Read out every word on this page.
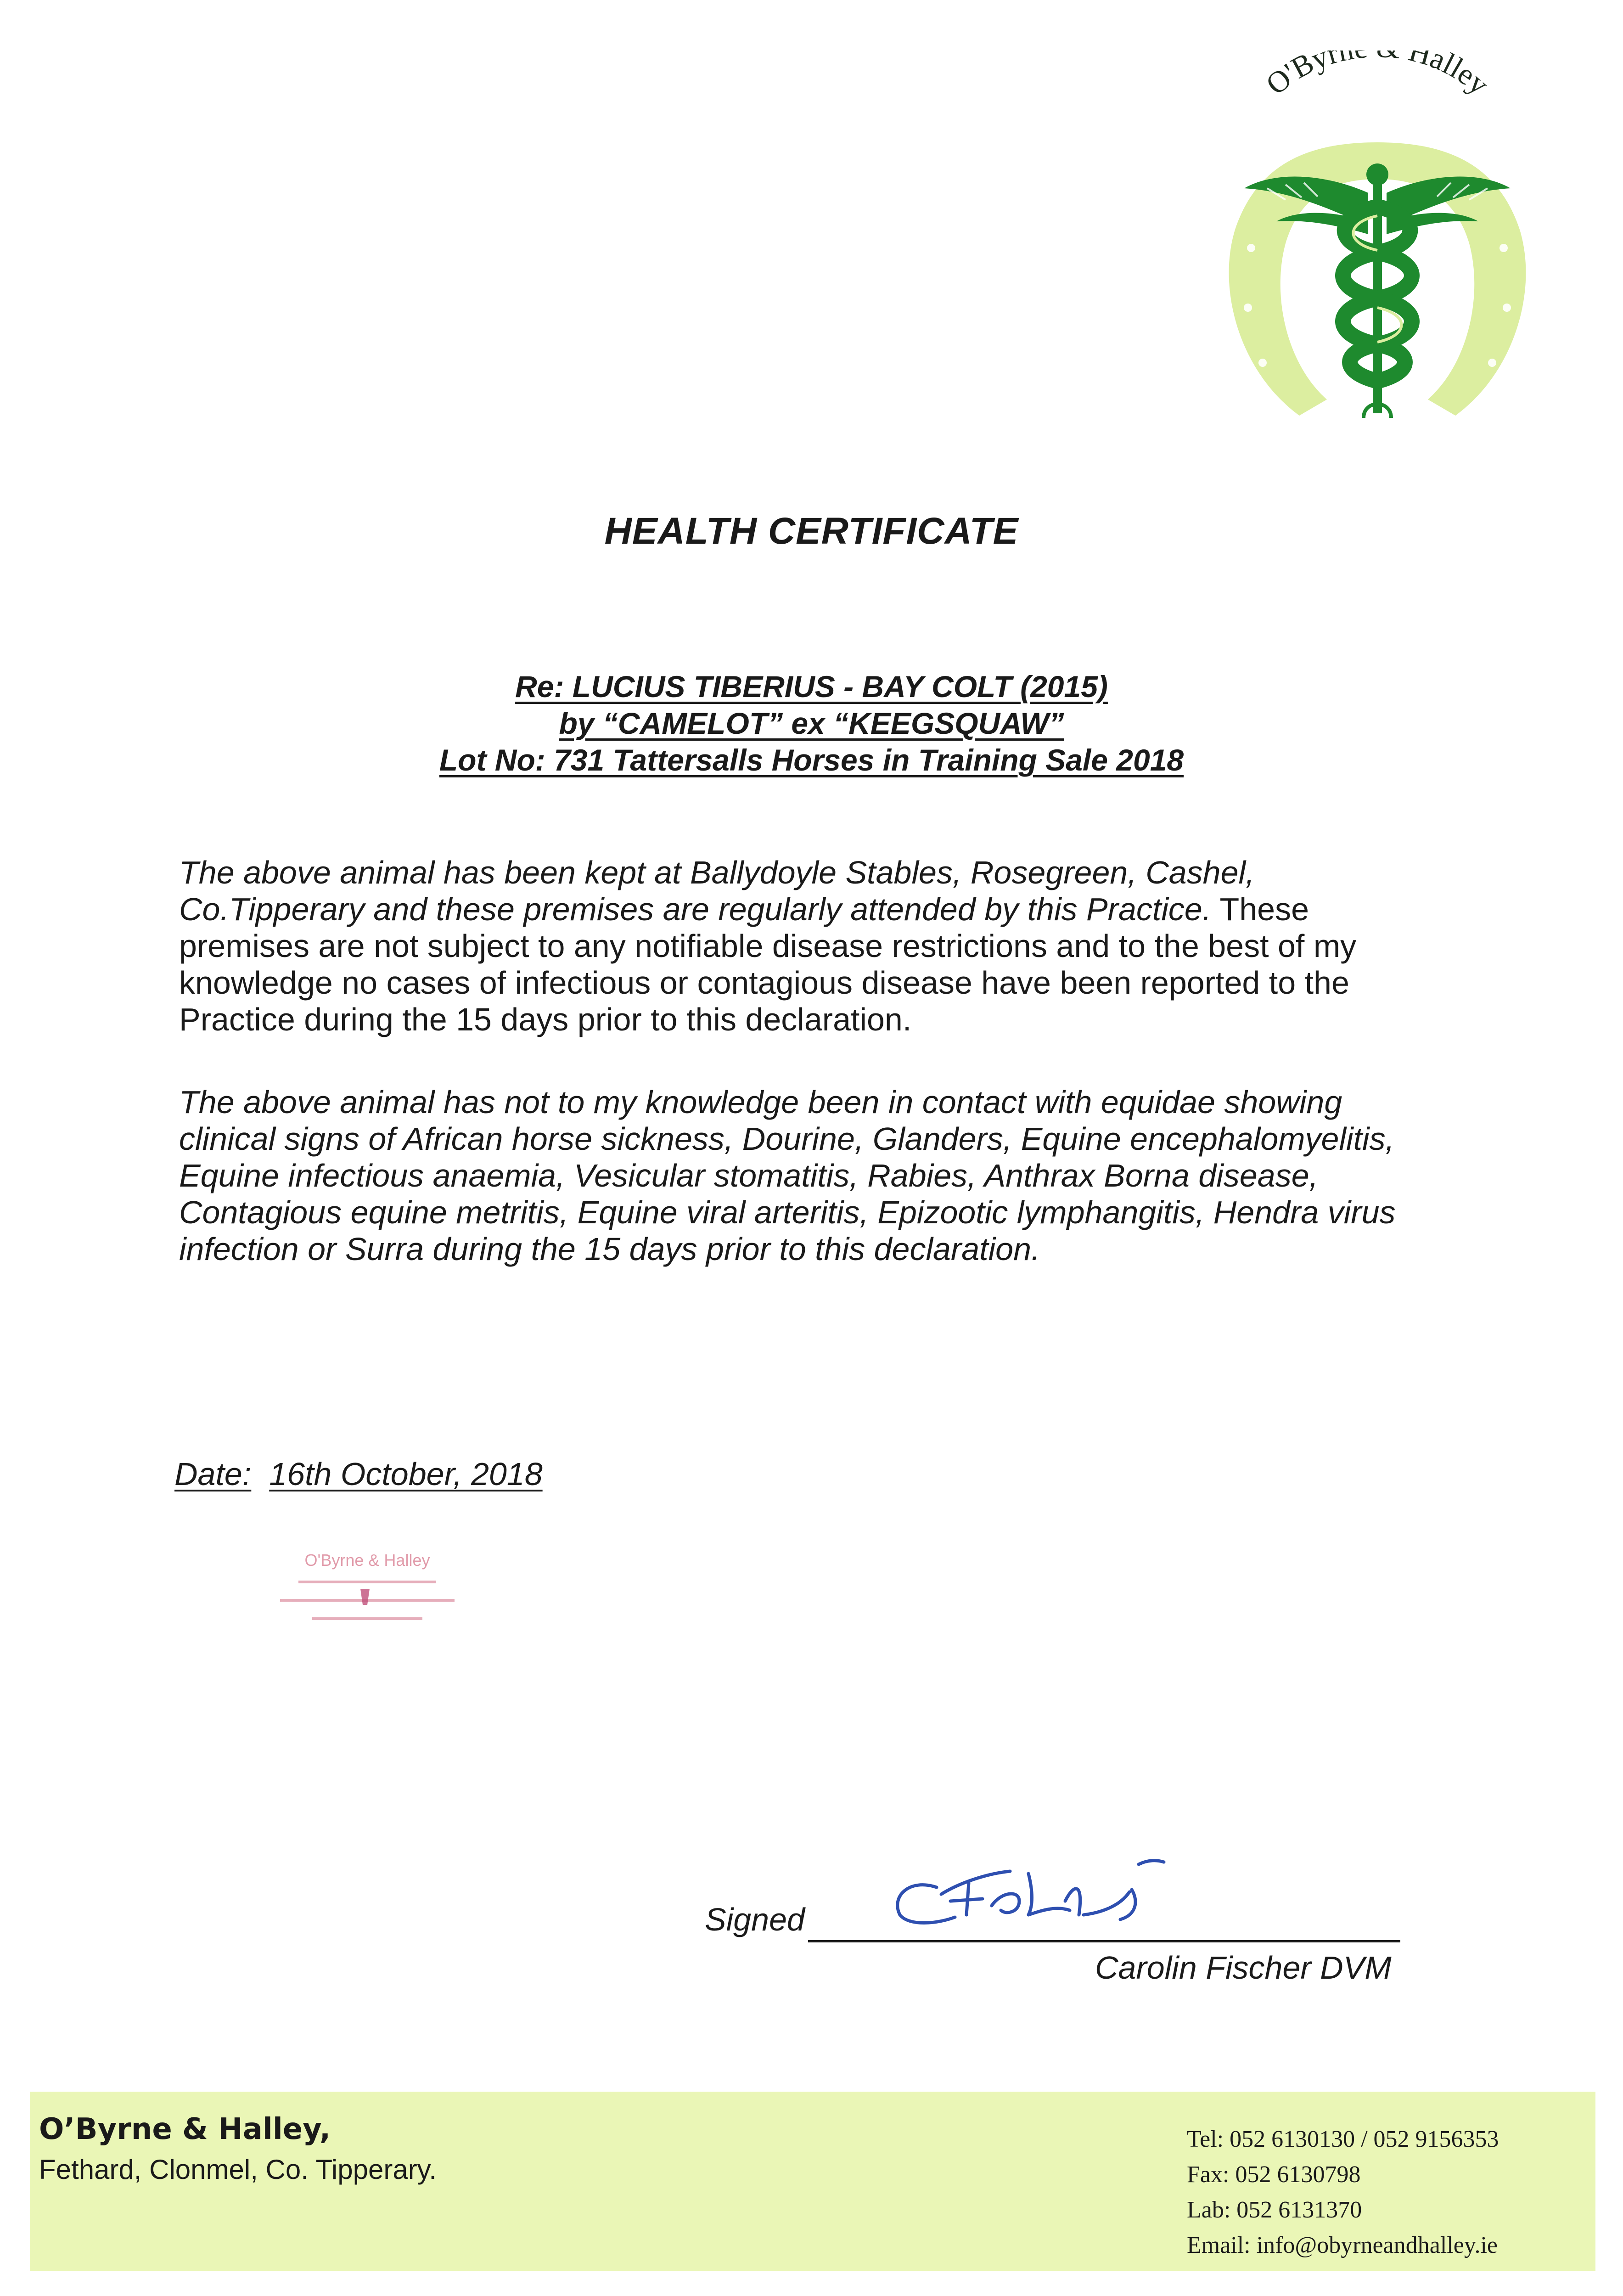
O'Byr Halley
HEALTH CERTIFICATE
Re: LUCIUS TIBERIUS - BAY COLT (2015)
by “CAMELOT” ex “KEEGSQUAW”
Lot No: 731 Tattersalls Horses in Training Sale 2018
The above animal has been kept at Ballydoyle Stables, Rosegreen, Cashel, Co.Tipperary and these premises are regularly attended by this Practice. These premises are not subject to any notifiable disease restrictions and to the best of my knowledge no cases of infectious or contagious disease have been reported to the Practice during the 15 days prior to this declaration.
The above animal has not to my knowledge been in contact with equidae showing clinical signs of African horse sickness, Dourine, Glanders, Equine encephalomyelitis, Equine infectious anaemia, Vesicular stomatitis, Rabies, Anthrax Borna disease, Contagious equine metritis, Equine viral arteritis, Epizootic lymphangitis, Hendra virus infection or Surra during the 15 days prior to this declaration.
Date: 16th October, 2018
O'Byrne & Halley
Signed
Carolin Fischer DVM
O’Byrne & Halley,
Fethard, Clonmel, Co. Tipperary.
Tel: 052 6130130 / 052 9156353
Fax: 052 6130798
Lab: 052 6131370
Email: info@obyrneandhalley.ie
